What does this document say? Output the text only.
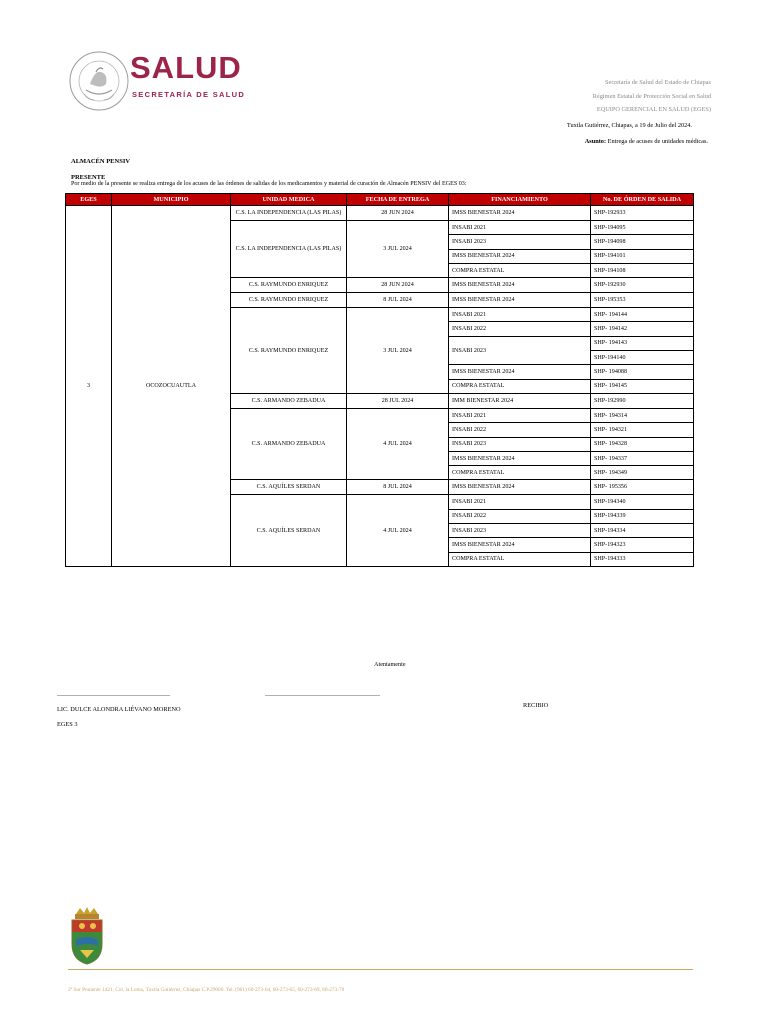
SALUD
SECRETARÍA DE SALUD
Secretaría de Salud del Estado de Chiapas
Régimen Estatal de Protección Social en Salud
EQUIPO GERENCIAL EN SALUD (EGES)
Tuxtla Gutiérrez, Chiapas, a 19 de Julio del 2024.
Asunto: Entrega de acuses de unidades médicas.
ALMACÉN PENSIV
PRESENTE
Por medio de la presente se realiza entrega de los acuses de las órdenes de salidas de los medicamentos y material de curación de Almacén PENSIV del EGES 03:
EGES	MUNICIPIO	UNIDAD MEDICA	FECHA DE ENTREGA	FINANCIAMIENTO	No. DE ÓRDEN DE SALIDA
3	OCOZOCUAUTLA	C.S. LA INDEPENDENCIA (LAS PILAS)	28 JUN 2024	IMSS BIENESTAR 2024	SHP-192933
		C.S. LA INDEPENDENCIA (LAS PILAS)	3 JUL 2024	INSABI 2021	SHP-194095
				INSABI 2023	SHP-194098
				IMSS BIENESTAR 2024	SHP-194101
				COMPRA ESTATAL	SHP-194108
		C.S. RAYMUNDO ENRIQUEZ	28 JUN 2024	IMSS BIENESTAR 2024	SHP-192930
		C.S. RAYMUNDO ENRIQUEZ	8 JUL 2024	IMSS BIENESTAR 2024	SHP-195353
		C.S. RAYMUNDO ENRIQUEZ	3 JUL 2024	INSABI 2021	SHP- 194144
				INSABI 2022	SHP- 194142
				INSABI 2023	SHP- 194143
					SHP-194140
				IMSS BIENESTAR 2024	SHP- 194088
				COMPRA ESTATAL	SHP- 194145
		C.S. ARMANDO ZEBADUA	28 JUL 2024	IMM BIENESTAR 2024	SHP-192990
		C.S. ARMANDO ZEBADUA	4 JUL 2024	INSABI 2021	SHP- 194314
				INSABI 2022	SHP- 194321
				INSABI 2023	SHP- 194328
				IMSS BIENESTAR 2024	SHP- 194337
				COMPRA ESTATAL	SHP- 194349
		C.S. AQUÍLES SERDAN	8 JUL 2024	IMSS BIENESTAR 2024	SHP- 195356
		C.S. AQUÍLES SERDAN	4 JUL 2024	INSABI 2021	SHP-194340
				INSABI 2022	SHP-194339
				INSABI 2023	SHP-194334
				IMSS BIENESTAR 2024	SHP-194323
				COMPRA ESTATAL	SHP-194333
Atentamente
LIC. DULCE ALONDRA LIÉVANO MORENO
EGES 3
RECIBIO
2ª Sur Poniente 1421, Col. la Loma, Tuxtla Gutiérrez, Chiapas C.P.29000. Tel. (961) 60-273-64, 60-273-65, 60-273-69, 60-273-70
